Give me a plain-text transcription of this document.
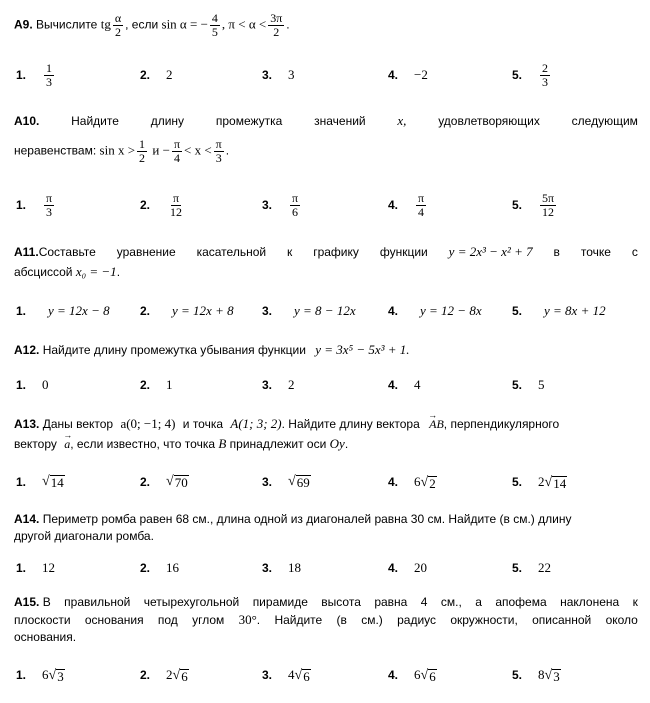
A9. Вычислите tg $\frac{\alpha}{2}$ , если sin α = − $\frac{4}{5}$ , $\pi < \alpha < \frac{3\pi}{2}$ .
1.	$\frac{1}{3}$	2.	2	3.	3	4.	−2	5.	$\frac{2}{3}$
A10.	Найдите	длину	промежутка	значений x,	удовлетворяющих	следующим
неравенствам: $\sin x > \frac{1}{2}$ $и - \frac{\pi}{4} < x < \frac{\pi}{3}$ .
1.	$\frac{\pi}{3}$	2.	$\frac{\pi}{12}$	3.	$\frac{\pi}{6}$	4.	$\frac{\pi}{4}$	5.	$\frac{5\pi}{12}$
A11.Составьте уравнение касательной к графику функции y = 2x³ − x² + 7 в точке с
абсциссой x₀ = −1.
1.	y = 12x − 8	2.	y = 12x + 8 3.	y = 8 − 12x	4.	y = 12 − 8x	5.	y = 8x + 12
A12. Найдите длину промежутка убывания функции y = 3x⁵ − 5x³ + 1.
1.	0	2.	1	3.	2	4.	4	5.	5
A13. Даны вектор a(0; −1; 4) и точка A(1; 3; 2). Найдите длину вектора → AB, перпендикулярного
вектору → a, если известно, что точка B принадлежит оси Oy.
1.	√ 14	2.	√ 70	3.	√ 69	4.	6 √ 2	5.	2 √ 14
A14. Периметр ромба равен 68 см., длина одной из диагоналей равна 30 см. Найдите (в см.) длину
другой диагонали ромба.
1.	12	2.	16	3.	18	4.	20	5.	22
A15. В правильной четырехугольной пирамиде высота равна 4 см., а апофема наклонена к
плоскости основания под углом 30°. Найдите (в см.) радиус окружности, описанной около
основания.
1.	6 √ 3	2.	2 √ 6	3.	4 √ 6	4.	6 √ 6	5.	8 √ 3
